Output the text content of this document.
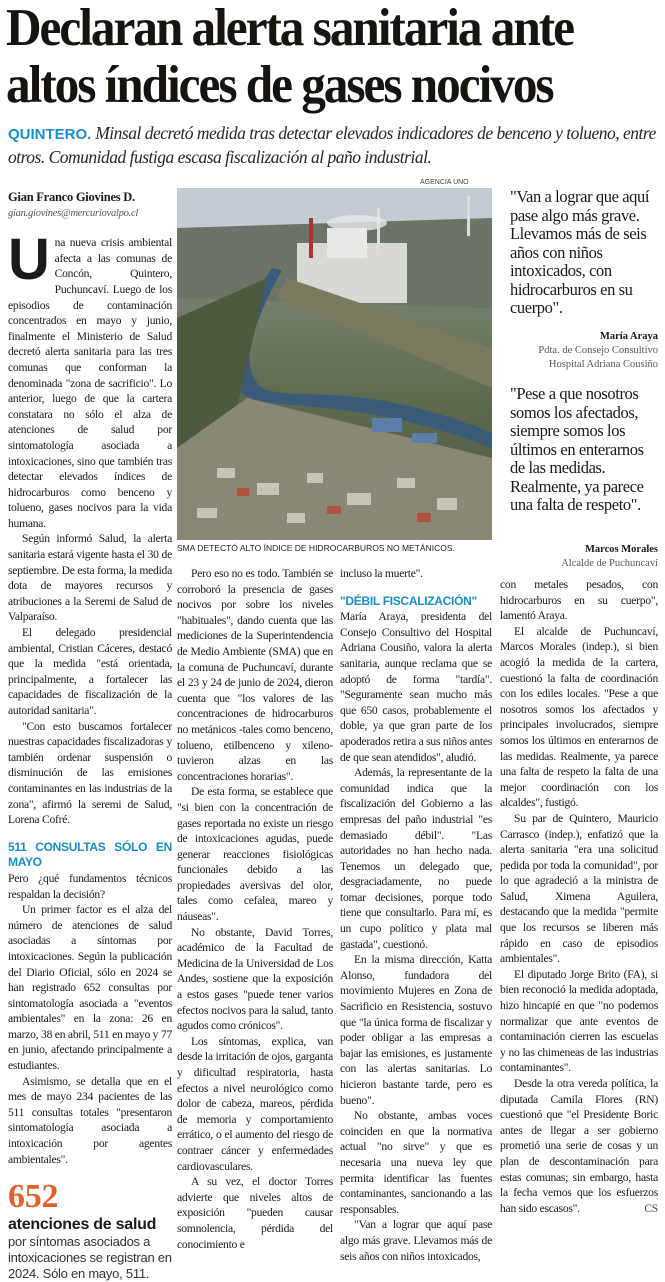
Declaran alerta sanitaria ante
altos índices de gases nocivos
QUINTERO. Minsal decretó medida tras detectar elevados indicadores de benceno y tolueno, entre otros. Comunidad fustiga escasa fiscalización al paño industrial.
AGENCIA UNO
SMA DETECTÓ ALTO ÍNDICE DE HIDROCARBUROS NO METÁNICOS.
Gian Franco Giovines D.
gian.giovines@mercuriovalpo.cl

Una nueva crisis ambiental afecta a las comunas de Concón, Quintero, Puchuncaví. Luego de los episodios de contaminación concentrados en mayo y junio, finalmente el Ministerio de Salud decretó alerta sanitaria para las tres comunas que conforman la denominada "zona de sacrificio". Lo anterior, luego de que la cartera constatara no sólo el alza de atenciones de salud por sintomatología asociada a intoxicaciones, sino que también tras detectar elevados índices de hidrocarburos como benceno y tolueno, gases nocivos para la vida humana.

Según informó Salud, la alerta sanitaria estará vigente hasta el 30 de septiembre. De esta forma, la medida dota de mayores recursos y atribuciones a la Seremi de Salud de Valparaíso.

El delegado presidencial ambiental, Cristian Cáceres, destacó que la medida "está orientada, principalmente, a fortalecer las capacidades de fiscalización de la autoridad sanitaria".

"Con esto buscamos fortalecer nuestras capacidades fiscalizadoras y también ordenar suspensión o disminución de las emisiones contaminantes en las industrias de la zona", afirmó la seremi de Salud, Lorena Cofré.

511 CONSULTAS SÓLO EN MAYO

Pero ¿qué fundamentos técnicos respaldan la decisión?

Un primer factor es el alza del número de atenciones de salud asociadas a síntomas por intoxicaciones. Según la publicación del Diario Oficial, sólo en 2024 se han registrado 652 consultas por sintomatología asociada a "eventos ambientales" en la zona: 26 en marzo, 38 en abril, 511 en mayo y 77 en junio, afectando principalmente a estudiantes.

Asimismo, se detalla que en el mes de mayo 234 pacientes de las 511 consultas totales "presentaron sintomatología asociada a intoxicación por agentes ambientales".

652
atenciones de salud
por síntomas asociados a intoxicaciones se registran en 2024. Sólo en mayo, 511.

Pero eso no es todo. También se corroboró la presencia de gases nocivos por sobre los niveles "habituales", dando cuenta que las mediciones de la Superintendencia de Medio Ambiente (SMA) que en la comuna de Puchuncaví, durante el 23 y 24 de junio de 2024, dieron cuenta que "los valores de las concentraciones de hidrocarburos no metánicos -tales como benceno, tolueno, etilbenceno y xileno- tuvieron alzas en las concentraciones horarias".

De esta forma, se establece que "si bien con la concentración de gases reportada no existe un riesgo de intoxicaciones agudas, puede generar reacciones fisiológicas funcionales debido a las propiedades aversivas del olor, tales como cefalea, mareo y náuseas".

No obstante, David Torres, académico de la Facultad de Medicina de la Universidad de Los Andes, sostiene que la exposición a estos gases "puede tener varios efectos nocivos para la salud, tanto agudos como crónicos".

Los síntomas, explica, van desde la irritación de ojos, garganta y dificultad respiratoria, hasta efectos a nivel neurológico como dolor de cabeza, mareos, pérdida de memoria y comportamiento errático, o el aumento del riesgo de contraer cáncer y enfermedades cardiovasculares.

A su vez, el doctor Torres advierte que niveles altos de exposición "pueden causar somnolencia, pérdida del conocimiento e

incluso la muerte".

"DÉBIL FISCALIZACIÓN"

María Araya, presidenta del Consejo Consultivo del Hospital Adriana Cousiño, valora la alerta sanitaria, aunque reclama que se adoptó de forma "tardía". "Seguramente sean mucho más que 650 casos, probablemente el doble, ya que gran parte de los apoderados retira a sus niños antes de que sean atendidos", aludió.

Además, la representante de la comunidad indica que la fiscalización del Gobierno a las empresas del paño industrial "es demasiado débil". "Las autoridades no han hecho nada. Tenemos un delegado que, desgraciadamente, no puede tomar decisiones, porque todo tiene que consultarlo. Para mí, es un cupo político y plata mal gastada", cuestionó.

En la misma dirección, Katta Alonso, fundadora del movimiento Mujeres en Zona de Sacrificio en Resistencia, sostuvo que "la única forma de fiscalizar y poder obligar a las empresas a bajar las emisiones, es justamente con las alertas sanitarias. Lo hicieron bastante tarde, pero es bueno".

No obstante, ambas voces coinciden en que la normativa actual "no sirve" y que es necesaria una nueva ley que permita identificar las fuentes contaminantes, sancionando a las responsables.

"Van a lograr que aquí pase algo más grave. Llevamos más de seis años con niños intoxicados,

con metales pesados, con hidrocarburos en su cuerpo", lamentó Araya.

El alcalde de Puchuncaví, Marcos Morales (indep.), si bien acogió la medida de la cartera, cuestionó la falta de coordinación con los ediles locales. "Pese a que nosotros somos los afectados y principales involucrados, siempre somos los últimos en enterarnos de las medidas. Realmente, ya parece una falta de respeto la falta de una mejor coordinación con los alcaldes", fustigó.

Su par de Quintero, Mauricio Carrasco (indep.), enfatizó que la alerta sanitaria "era una solicitud pedida por toda la comunidad", por lo que agradeció a la ministra de Salud, Ximena Aguilera, destacando que la medida "permite que los recursos se liberen más rápido en caso de episodios ambientales".

El diputado Jorge Brito (FA), si bien reconoció la medida adoptada, hizo hincapié en que "no podemos normalizar que ante eventos de contaminación cierren las escuelas y no las chimeneas de las industrias contaminantes".

Desde la otra vereda política, la diputada Camila Flores (RN) cuestionó que "el Presidente Boric antes de llegar a ser gobierno prometió una serie de cosas y un plan de descontaminación para estas comunas; sin embargo, hasta la fecha vemos que los esfuerzos han sido escasos".	CS

"Van a lograr que aquí pase algo más grave. Llevamos más de seis años con niños intoxicados, con hidrocarburos en su cuerpo".
María Araya
Pdta. de Consejo Consultivo
Hospital Adriana Cousiño
"Pese a que nosotros somos los afectados, siempre somos los últimos en enterarnos de las medidas. Realmente, ya parece una falta de respeto".
Marcos Morales
Alcalde de Puchuncaví
